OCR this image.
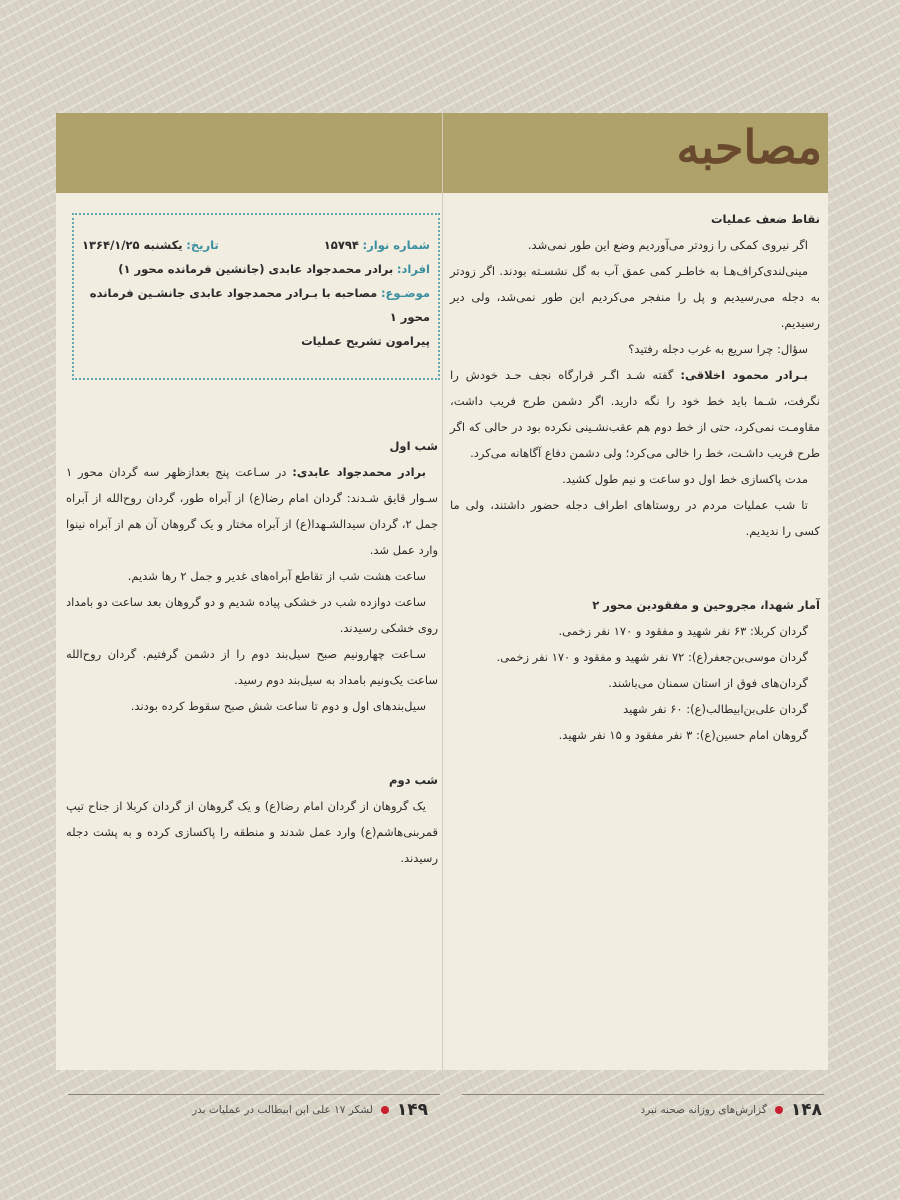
مصاحبه
شماره نوار: ۱۵۷۹۴
تاریخ: یکشنبه ۱۳۶۴/۱/۲۵
افراد: برادر محمدجواد عابدی (جانشین فرمانده محور ۱)
موضـوع: مصاحبه با بـرادر محمدجواد عابدی جانشـین فرمانده محور ۱
پیرامون تشریح عملیات

نقاط ضعف عملیات

اگر نیروی کمکی را زودتر می‌آوردیم وضع این طور نمی‌شد.

مینی‌لندی‌کراف‌هـا به خاطـر کمی عمق آب به گل نشسـته بودند. اگر زودتر به دجله می‌رسیدیم و پل را منفجر می‌کردیم این طور نمی‌شد، ولی دیر رسیدیم.

سؤال: چرا سریع به غرب دجله رفتید؟

بـرادر محمود اخلاقی: گفته شـد اگـر قرارگاه نجف حـد خودش را نگرفت، شـما باید خط خود را نگه دارید. اگر دشمن طرح فریب داشت، مقاومـت نمی‌کرد، حتی از خط دوم هم عقب‌نشـینی نکرده بود در حالی که اگر طرح فریب داشـت، خط را خالی می‌کرد؛ ولی دشمن دفاع آگاهانه می‌کرد.

مدت پاکسازی خط اول دو ساعت و نیم طول کشید.

تا شب عملیات مردم در روستاهای اطراف دجله حضور داشتند، ولی ما کسی را ندیدیم.

آمار شهدا، مجروحین و مفقودین محور ۲

گردان کربلا: ۶۳ نفر شهید و مفقود و ۱۷۰ نفر زخمی.

گردان موسی‌بن‌جعفر(ع): ۷۲ نفر شهید و مفقود و ۱۷۰ نفر زخمی.

گردان‌های فوق از استان سمنان می‌باشند.

گردان علی‌بن‌ابیطالب(ع): ۶۰ نفر شهید

گروهان امام حسین(ع): ۳ نفر مفقود و ۱۵ نفر شهید.

شب اول

برادر محمدجواد عابدی: در سـاعت پنج بعدازظهر سه گردان محور ۱ سـوار قایق شـدند: گردان امام رضا(ع) از آبراه طور، گردان روح‌الله از آبراه جمل ۲، گردان سیدالشـهدا(ع) از آبراه مختار و یک گروهان آن هم از آبراه نینوا وارد عمل شد.

ساعت هشت شب از تقاطع آبراه‌های غدیر و جمل ۲ رها شدیم.

ساعت دوازده شب در خشکی پیاده شدیم و دو گروهان بعد ساعت دو بامداد روی خشکی رسیدند.

سـاعت چهارونیم صبح سیل‌بند دوم را از دشمن گرفتیم. گردان روح‌الله ساعت یک‌ونیم بامداد به سیل‌بند دوم رسید.

سیل‌بندهای اول و دوم تا ساعت شش صبح سقوط کرده بودند.

شب دوم

یک گروهان از گردان امام رضا(ع) و یک گروهان از گردان کربلا از جناح تیپ قمربنی‌هاشم(ع) وارد عمل شدند و منطقه را پاکسازی کرده و به پشت دجله رسیدند.

لشکر ۱۷ علی ابن ابیطالب در عملیات بدر ۱۴۹	۱۴۸
گزارش‌های روزانه صحنه نبرد
